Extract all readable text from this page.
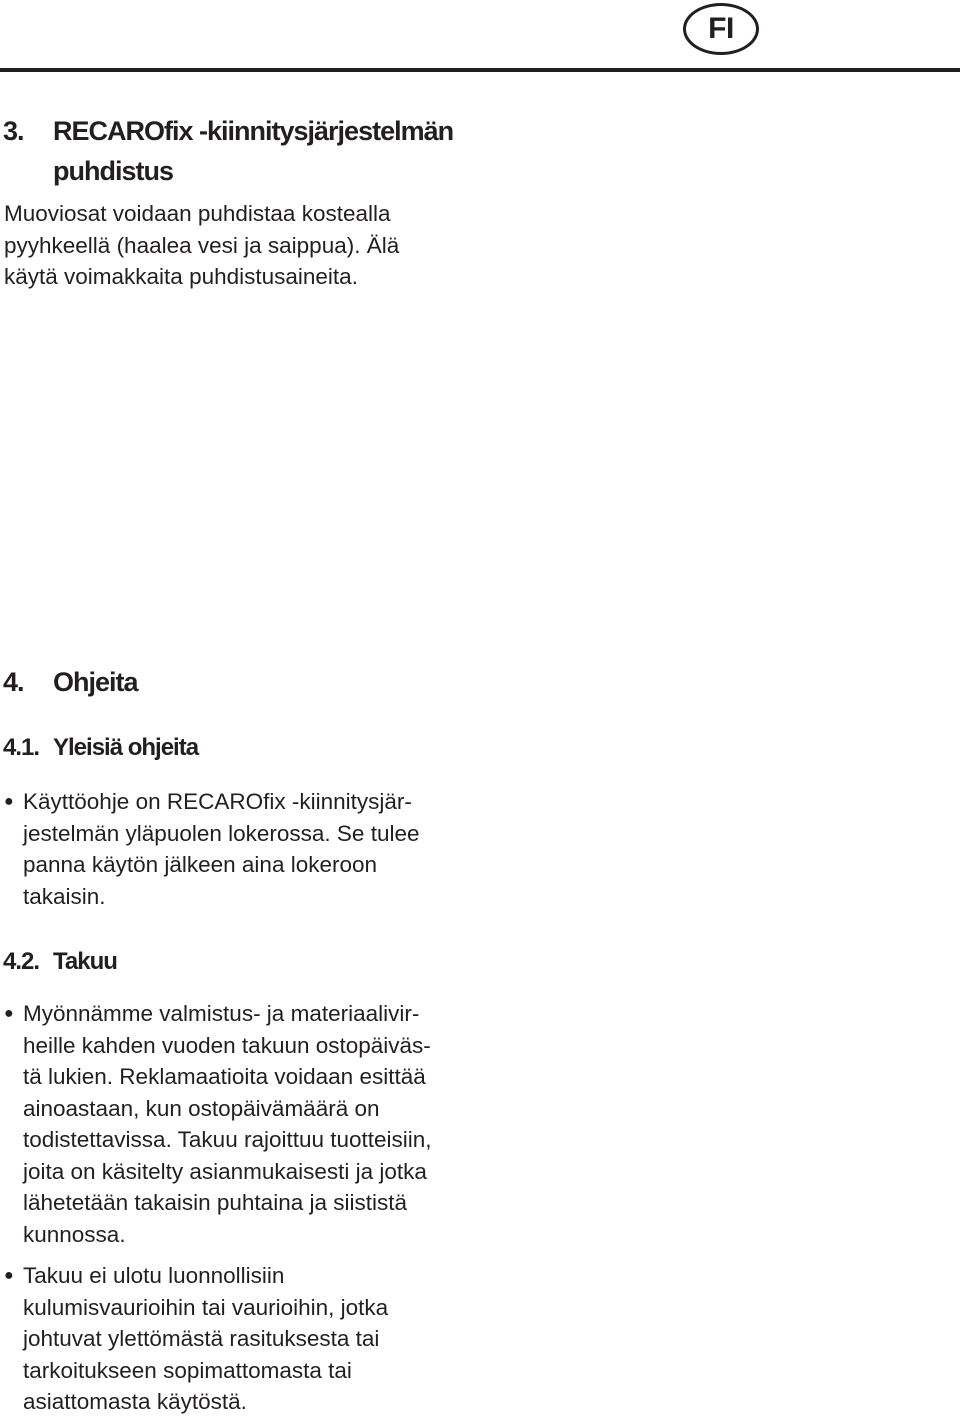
FI
3.	RECAROfix -kiinnitysjärjestelmän
puhdistus
Muoviosat voidaan puhdistaa kostealla
pyyhkeellä (haalea vesi ja saippua). Älä
käytä voimakkaita puhdistusaineita.
4.	Ohjeita
4.1. Yleisiä ohjeita
● Käyttöohje on RECAROfix -kiinnitysjär-
jestelmän yläpuolen lokerossa. Se tulee
panna käytön jälkeen aina lokeroon
takaisin.
4.2. Takuu
● Myönnämme valmistus- ja materiaalivir-
heille kahden vuoden takuun ostopäiväs-
tä lukien. Reklamaatioita voidaan esittää
ainoastaan, kun ostopäivämäärä on
todistettavissa. Takuu rajoittuu tuotteisiin,
joita on käsitelty asianmukaisesti ja jotka
lähetetään takaisin puhtaina ja siististä
kunnossa.
● Takuu ei ulotu luonnollisiin
kulumisvaurioihin tai vaurioihin, jotka
johtuvat ylettömästä rasituksesta tai
tarkoitukseen sopimattomasta tai
asiattomasta käytöstä.
